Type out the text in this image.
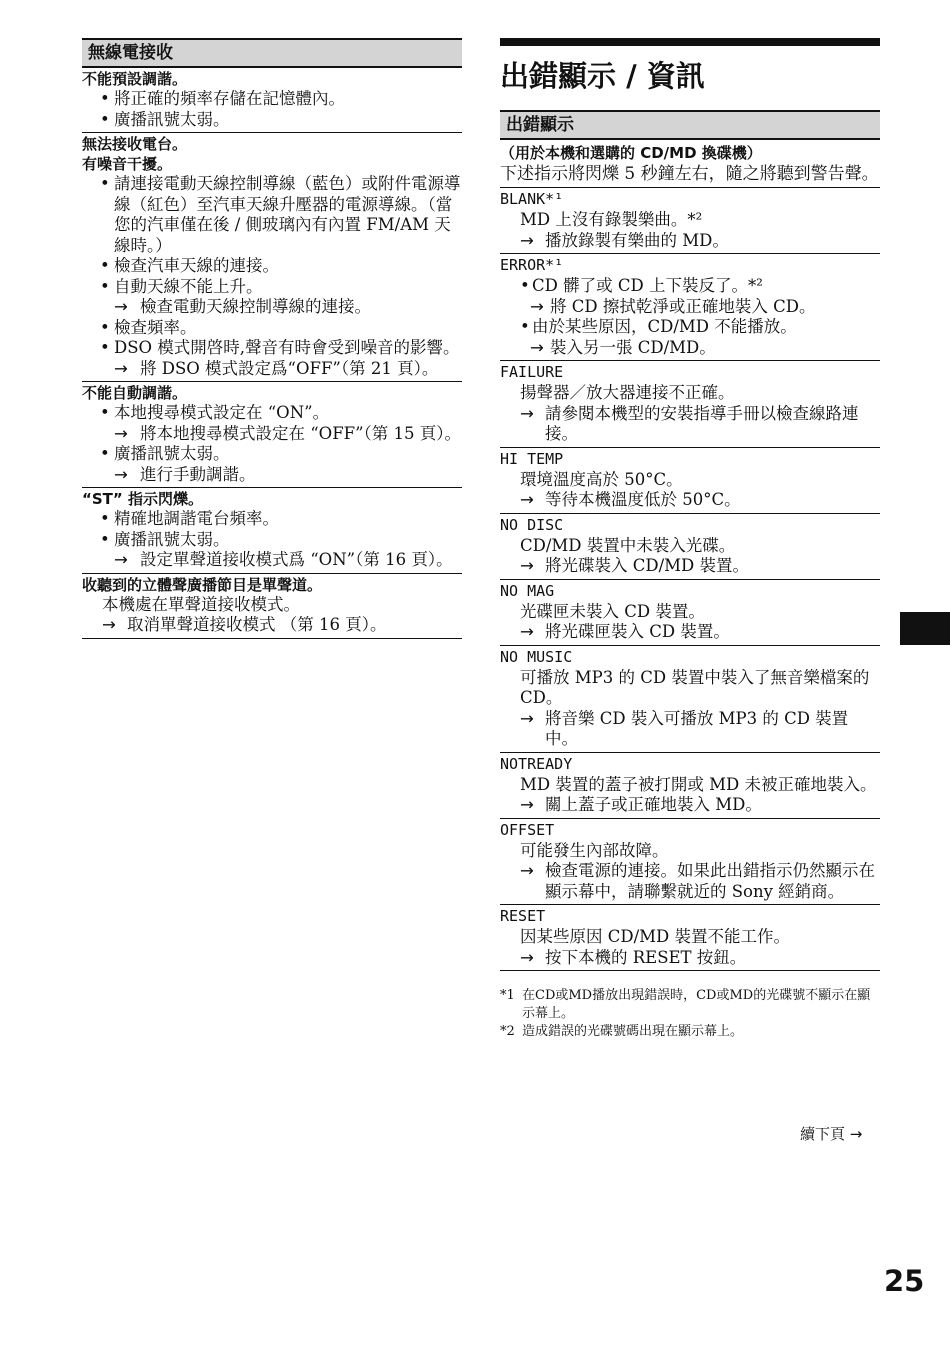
無線電接收
不能預設調諧。
• 將正確的頻率存儲在記憶體內。
• 廣播訊號太弱。
無法接收電台。
有噪音干擾。
• 請連接電動天線控制導線（藍色）或附件電源導線（紅色）至汽車天線升壓器的電源導線。（當您的汽車僅在後 / 側玻璃內有內置 FM/AM 天線時。）
• 檢查汽車天線的連接。
• 自動天線不能上升。
→ 檢查電動天線控制導線的連接。
• 檢查頻率。
• DSO 模式開啓時,聲音有時會受到噪音的影響。
→ 將 DSO 模式設定爲“OFF”（第 21 頁）。
不能自動調諧。
• 本地搜尋模式設定在 “ON”。
→ 將本地搜尋模式設定在 “OFF”（第 15 頁）。
• 廣播訊號太弱。
→ 進行手動調諧。
“ST” 指示閃爍。
• 精確地調諧電台頻率。
• 廣播訊號太弱。
→ 設定單聲道接收模式爲 “ON”（第 16 頁）。
收聽到的立體聲廣播節目是單聲道。
本機處在單聲道接收模式。
→ 取消單聲道接收模式 （第 16 頁）。
出錯顯示 / 資訊
出錯顯示
（用於本機和選購的 CD/MD 換碟機）
下述指示將閃爍 5 秒鐘左右，隨之將聽到警告聲。
BLANK*¹
MD 上沒有錄製樂曲。*²
→ 播放錄製有樂曲的 MD。
ERROR*¹
• CD 髒了或 CD 上下裝反了。*²
→ 將 CD 擦拭乾淨或正確地裝入 CD。
• 由於某些原因，CD/MD 不能播放。
→ 裝入另一張 CD/MD。
FAILURE
揚聲器／放大器連接不正確。
→ 請參閱本機型的安裝指導手冊以檢查線路連接。
HI TEMP
環境溫度高於 50°C。
→ 等待本機溫度低於 50°C。
NO DISC
CD/MD 裝置中未裝入光碟。
→ 將光碟裝入 CD/MD 裝置。
NO MAG
光碟匣未裝入 CD 裝置。
→ 將光碟匣裝入 CD 裝置。
NO MUSIC
可播放 MP3 的 CD 裝置中裝入了無音樂檔案的 CD。
→ 將音樂 CD 裝入可播放 MP3 的 CD 裝置中。
NOTREADY
MD 裝置的蓋子被打開或 MD 未被正確地裝入。
→ 關上蓋子或正確地裝入 MD。
OFFSET
可能發生內部故障。
→ 檢查電源的連接。如果此出錯指示仍然顯示在顯示幕中，請聯繫就近的 Sony 經銷商。
RESET
因某些原因 CD/MD 裝置不能工作。
→ 按下本機的 RESET 按鈕。
*1 在CD或MD播放出現錯誤時，CD或MD的光碟號不顯示在顯示幕上。
*2 造成錯誤的光碟號碼出現在顯示幕上。
續下頁 →
25
